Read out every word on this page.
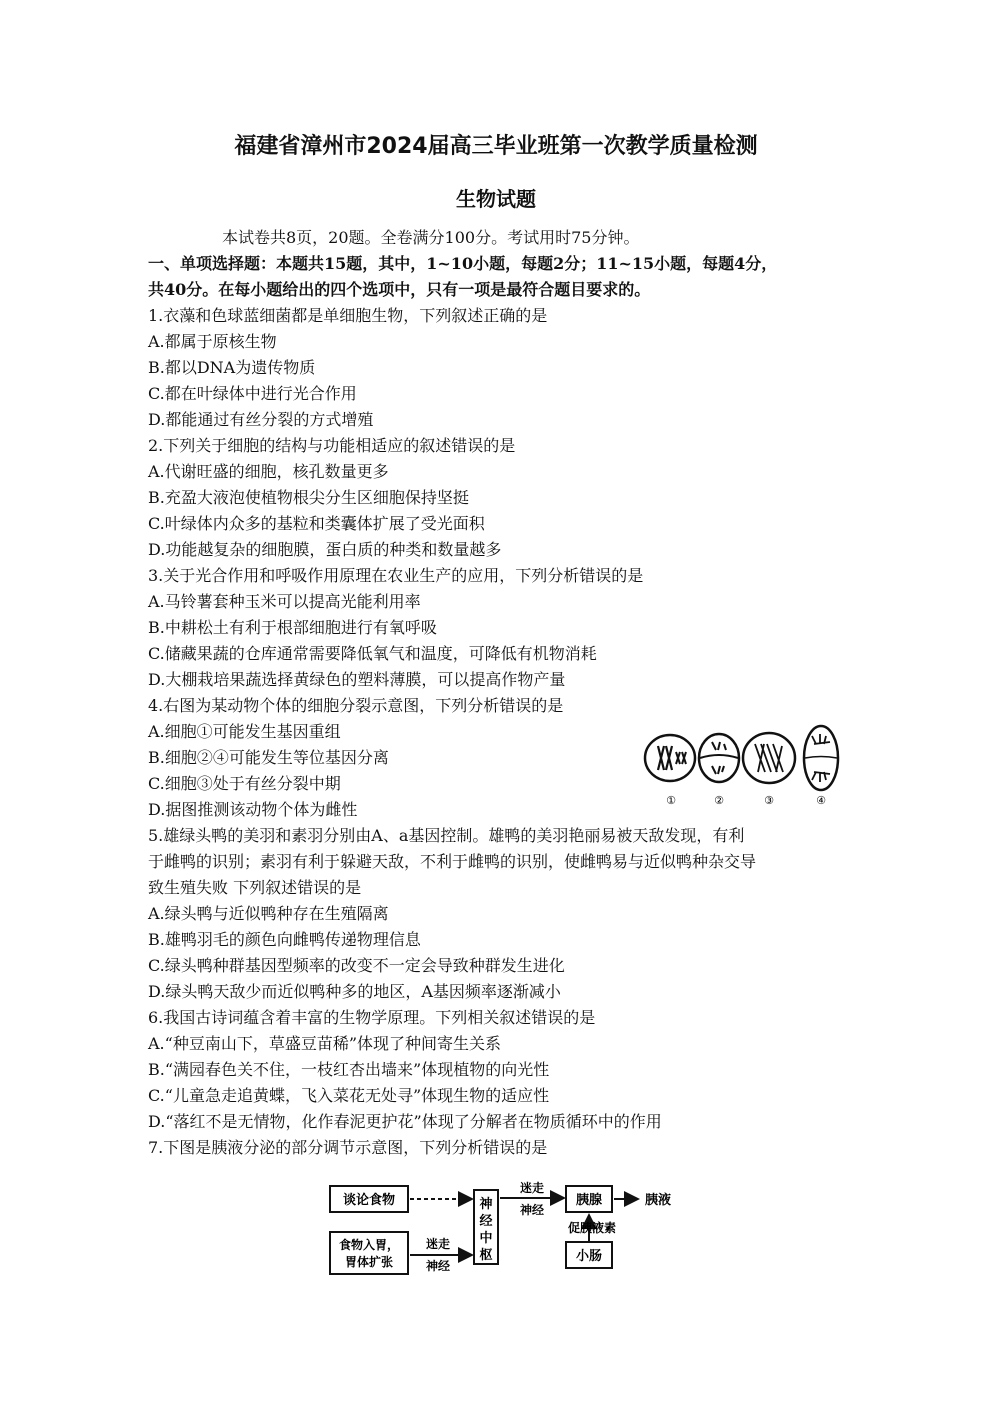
福建省漳州市2024届高三毕业班第一次教学质量检测
生物试题
本试卷共8页，20题。全卷满分100分。考试用时75分钟。
一、单项选择题：本题共15题，其中，1~10小题，每题2分；11~15小题，每题4分，
共40分。在每小题给出的四个选项中，只有一项是最符合题目要求的。
1.衣藻和色球蓝细菌都是单细胞生物，下列叙述正确的是
A.都属于原核生物
B.都以DNA为遗传物质
C.都在叶绿体中进行光合作用
D.都能通过有丝分裂的方式增殖
2.下列关于细胞的结构与功能相适应的叙述错误的是
A.代谢旺盛的细胞，核孔数量更多
B.充盈大液泡使植物根尖分生区细胞保持坚挺
C.叶绿体内众多的基粒和类囊体扩展了受光面积
D.功能越复杂的细胞膜，蛋白质的种类和数量越多
3.关于光合作用和呼吸作用原理在农业生产的应用，下列分析错误的是
A.马铃薯套种玉米可以提高光能利用率
B.中耕松土有利于根部细胞进行有氧呼吸
C.储藏果蔬的仓库通常需要降低氧气和温度，可降低有机物消耗
D.大棚栽培果蔬选择黄绿色的塑料薄膜，可以提高作物产量
4.右图为某动物个体的细胞分裂示意图，下列分析错误的是
A.细胞①可能发生基因重组
B.细胞②④可能发生等位基因分离
C.细胞③处于有丝分裂中期
D.据图推测该动物个体为雌性	①	②	③	④
5.雄绿头鸭的美羽和素羽分别由A、a基因控制。雄鸭的美羽艳丽易被天敌发现，有利
于雌鸭的识别；素羽有利于躲避天敌，不利于雌鸭的识别，使雌鸭易与近似鸭种杂交导
致生殖失败 下列叙述错误的是
A.绿头鸭与近似鸭种存在生殖隔离
B.雄鸭羽毛的颜色向雌鸭传递物理信息
C.绿头鸭种群基因型频率的改变不一定会导致种群发生进化
D.绿头鸭天敌少而近似鸭种多的地区，A基因频率逐渐减小
6.我国古诗词蕴含着丰富的生物学原理。下列相关叙述错误的是
A.“种豆南山下，草盛豆苗稀”体现了种间寄生关系
B.“满园春色关不住，一枝红杏出墙来”体现植物的向光性
C.“儿童急走追黄蝶，飞入菜花无处寻”体现生物的适应性
D.“落红不是无情物，化作春泥更护花”体现了分解者在物质循环中的作用
7.下图是胰液分泌的部分调节示意图，下列分析错误的是
谈论食物
食物入胃，
胃体扩张
迷走
神经
神
经
中
枢
迷走
神经
胰腺	胰液
促胰液素
小肠
